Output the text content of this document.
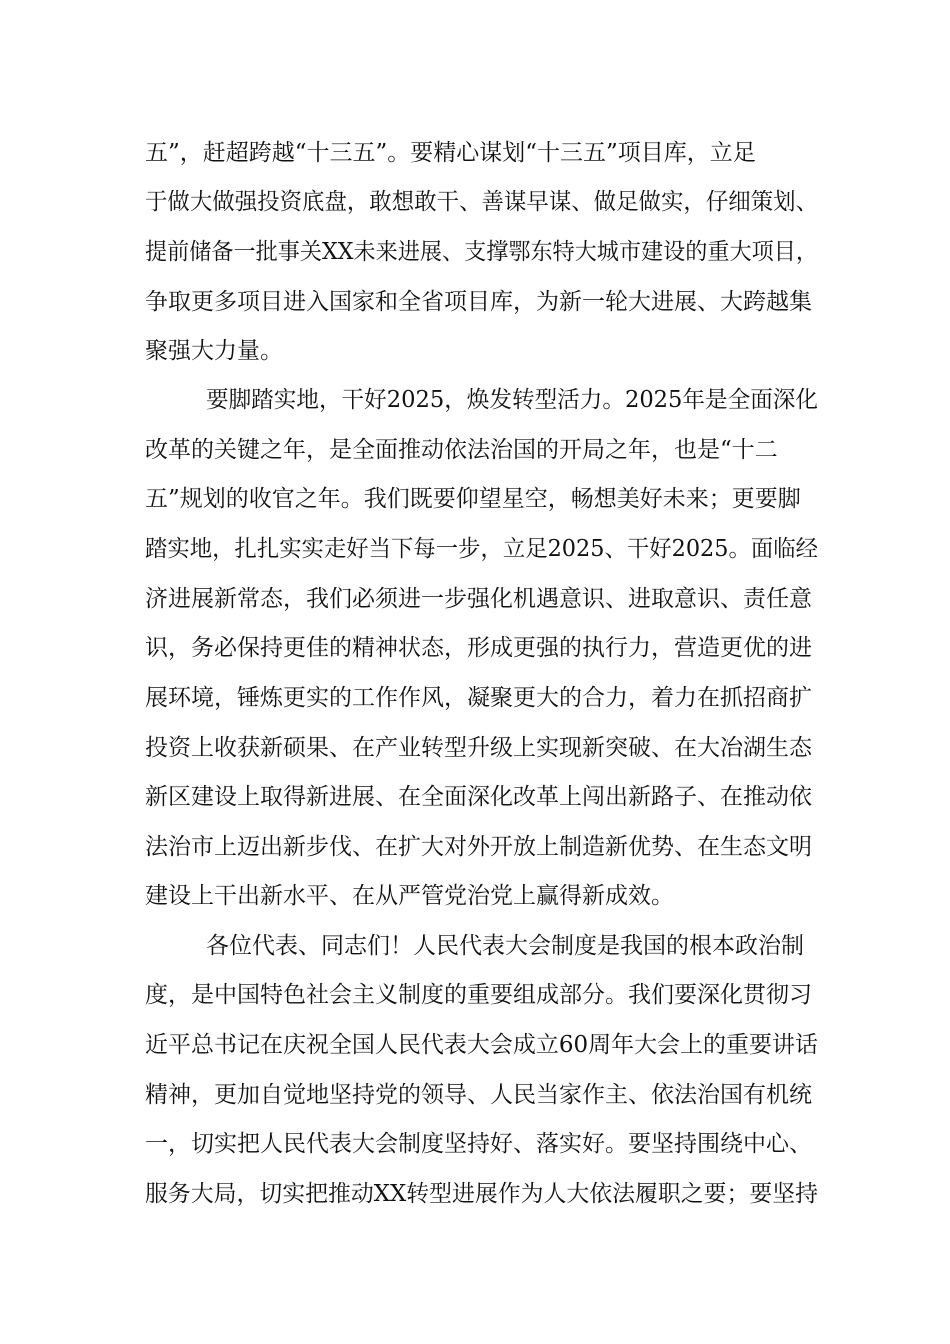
五”，赶超跨越“十三五”。要精心谋划“十三五”项目库，立足
于做大做强投资底盘，敢想敢干、善谋早谋、做足做实，仔细策划、
提前储备一批事关XX未来进展、支撑鄂东特大城市建设的重大项目，
争取更多项目进入国家和全省项目库，为新一轮大进展、大跨越集
聚强大力量。
要脚踏实地，干好2025，焕发转型活力。2025年是全面深化
改革的关键之年，是全面推动依法治国的开局之年，也是“十二
五”规划的收官之年。我们既要仰望星空，畅想美好未来；更要脚
踏实地，扎扎实实走好当下每一步，立足2025、干好2025。面临经
济进展新常态，我们必须进一步强化机遇意识、进取意识、责任意
识，务必保持更佳的精神状态，形成更强的执行力，营造更优的进
展环境，锤炼更实的工作作风，凝聚更大的合力，着力在抓招商扩
投资上收获新硕果、在产业转型升级上实现新突破、在大冶湖生态
新区建设上取得新进展、在全面深化改革上闯出新路子、在推动依
法治市上迈出新步伐、在扩大对外开放上制造新优势、在生态文明
建设上干出新水平、在从严管党治党上赢得新成效。
各位代表、同志们！人民代表大会制度是我国的根本政治制
度，是中国特色社会主义制度的重要组成部分。我们要深化贯彻习
近平总书记在庆祝全国人民代表大会成立60周年大会上的重要讲话
精神，更加自觉地坚持党的领导、人民当家作主、依法治国有机统
一，切实把人民代表大会制度坚持好、落实好。要坚持围绕中心、
服务大局，切实把推动XX转型进展作为人大依法履职之要；要坚持
